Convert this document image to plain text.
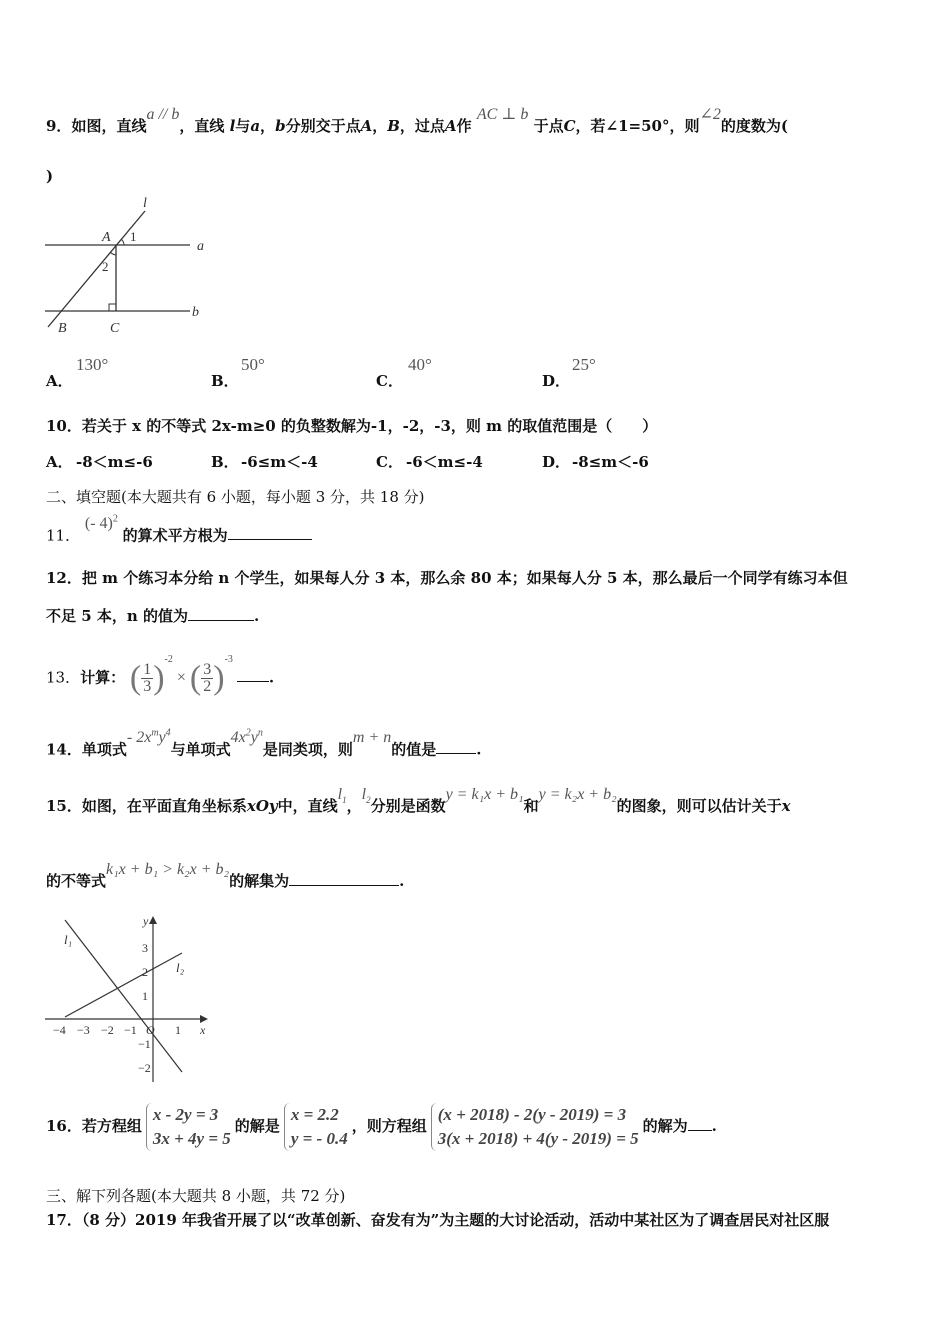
9．如图，直线a // b，直线 l与a，b分别交于点A，B，过点A作 AC ⊥ b 于点C，若∠1=50°，则∠2的度数为(
)
l
a
b
A 1
2
B	C
A．
130°
B．
50°
C．
40°
D．
25°
10．若关于 x 的不等式 2x-m≥0 的负整数解为-1，-2，-3，则 m 的取值范围是（　　）
A． -8＜m≤-6	B． -6≤m＜-4	C． -6＜m≤-4	D． -8≤m＜-6
二、填空题(本大题共有 6 小题，每小题 3 分，共 18 分)
11． (- 4)$^2$ 的算术平方根为
12．把 m 个练习本分给 n 个学生，如果每人分 3 本，那么余 80 本；如果每人分 5 本，那么最后一个同学有练习本但
不足 5 本，n 的值为	.
13．计算： ( $\frac{1}{3} )^{-2}$ × ( $\frac{3}{2} )^{-3}$ .
14．单项式- $2x^my^4$与单项式$4x^2y^n$是同类项，则m + n的值是	.
15．如图，在平面直角坐标系xOy中，直线$l_1$，$l_2$分别是函数y = k₁x + b₁和y = k₂x + b₂的图象，则可以估计关于x
的不等式k₁x + b₁ > k₂x + b₂的解集为	.
x
y
−4 −3 −2 −1 O 1
3
2
1
−1
−2
l₁
l₂
16．若方程组
x - 2y = 3
3x + 4y = 5
的解是
x = 2.2
y = - 0.4
，则方程组
(x + 2018) - 2(y - 2019) = 3
3(x + 2018) + 4(y - 2019) = 5
的解为 .
三、解下列各题(本大题共 8 小题，共 72 分)
17．（8 分）2019 年我省开展了以“改革创新、奋发有为”为主题的大讨论活动，活动中某社区为了调查居民对社区服
